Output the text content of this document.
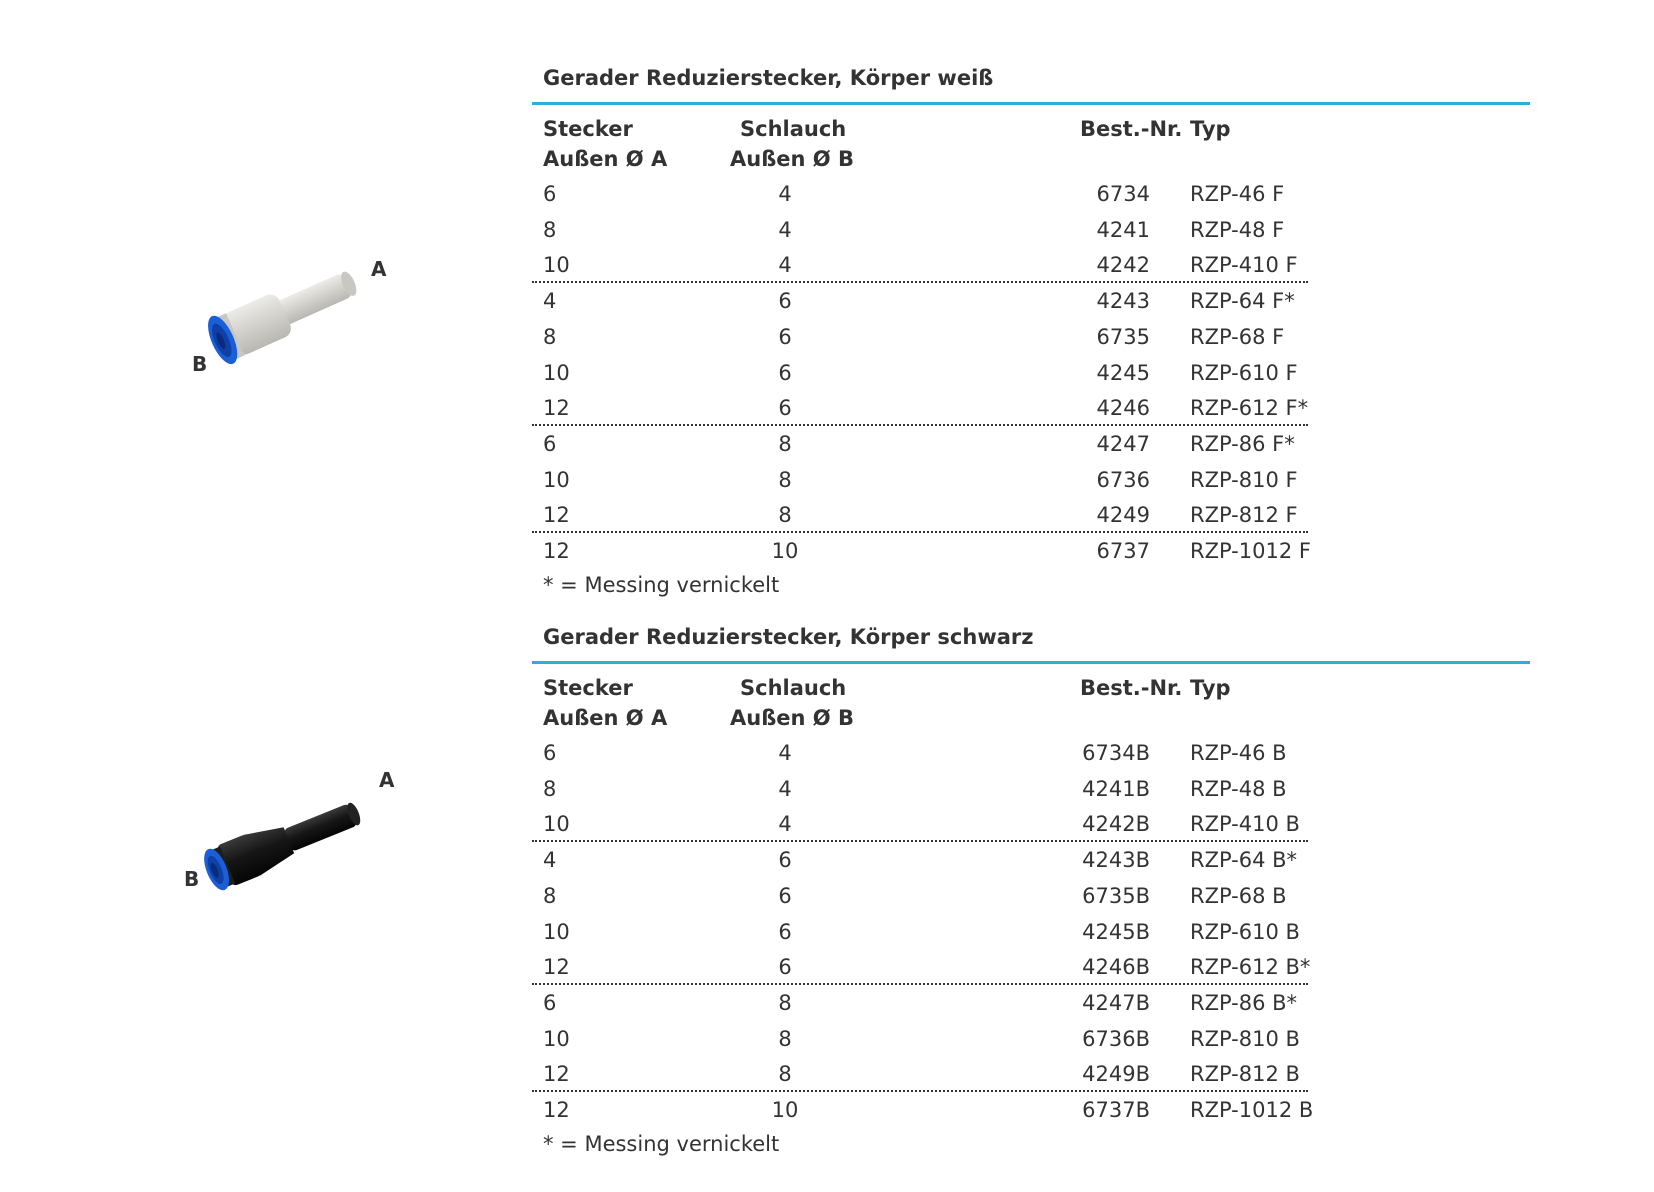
Gerader Reduzierstecker, Körper weiß
Stecker
Außen Ø A
Schlauch
Außen Ø B
Best.-Nr. Typ
* = Messing vernickelt
A
B
6	4	6734 RZP-46 F
8	4	4241 RZP-48 F
10	4	4242 RZP-410 F
4	6	4243 RZP-64 F*
8	6	6735 RZP-68 F
10	6	4245 RZP-610 F
12	6	4246 RZP-612 F*
6	8	4247 RZP-86 F*
10	8	6736 RZP-810 F
12	8	4249 RZP-812 F
12	10	6737 RZP-1012 F
Gerader Reduzierstecker, Körper schwarz
Stecker
Außen Ø A
Schlauch
Außen Ø B
Best.-Nr. Typ
* = Messing vernickelt
A
B
6	4	6734B RZP-46 B
8	4	4241B RZP-48 B
10	4	4242B RZP-410 B
4	6	4243B RZP-64 B*
8	6	6735B RZP-68 B
10	6	4245B RZP-610 B
12	6	4246B RZP-612 B*
6	8	4247B RZP-86 B*
10	8	6736B RZP-810 B
12	8	4249B RZP-812 B
12	10	6737B RZP-1012 B
